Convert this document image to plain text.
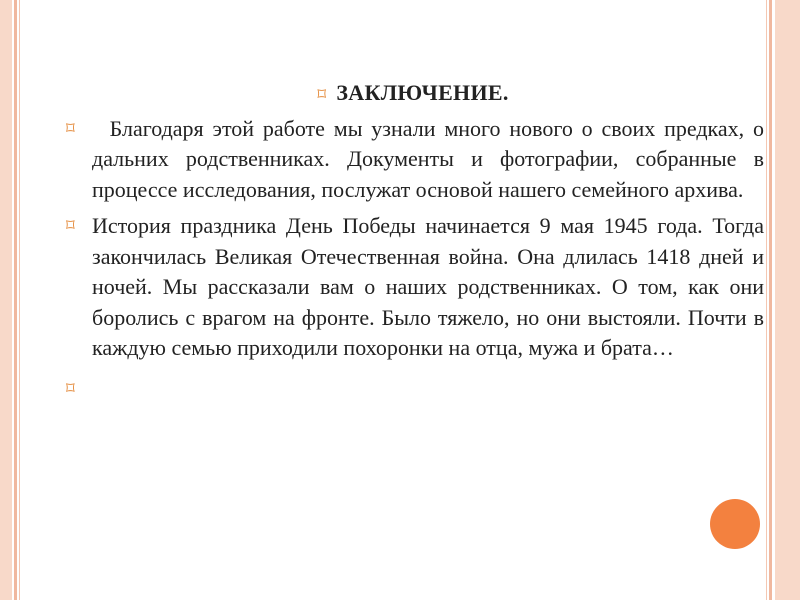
⌑ ЗАКЛЮЧЕНИЕ.
⌑ Благодаря этой работе мы узнали много нового о своих предках, о дальних родственниках. Документы и фотографии, собранные в процессе исследования, послужат основой нашего семейного архива.
⌑ История праздника День Победы начинается 9 мая 1945 года. Тогда закончилась Великая Отечественная война. Она длилась 1418 дней и ночей. Мы рассказали вам о наших родственниках. О том, как они боролись с врагом на фронте. Было тяжело, но они выстояли. Почти в каждую семью приходили похоронки на отца, мужа и брата…
⌑
